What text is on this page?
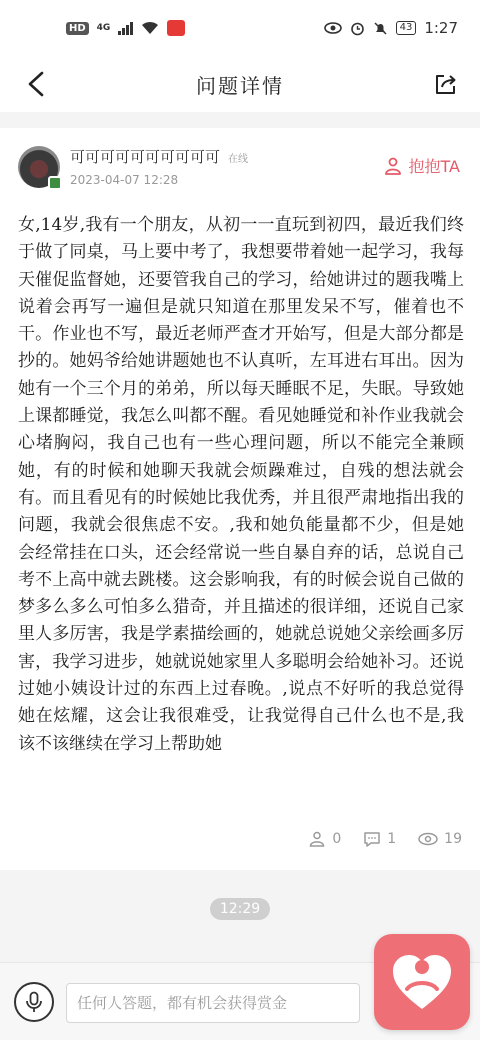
HD	4G	43 1:27
问题详情
可可可可可可可可可可 在线
2023-04-07 12:28
抱抱TA
女,14岁,我有一个朋友，从初一一直玩到初四，最近我们终于做了同桌，马上要中考了，我想要带着她一起学习，我每天催促监督她，还要管我自己的学习，给她讲过的题我嘴上说着会再写一遍但是就只知道在那里发呆不写，催着也不干。作业也不写，最近老师严查才开始写，但是大部分都是抄的。她妈爷给她讲题她也不认真听，左耳进右耳出。因为她有一个三个月的弟弟，所以每天睡眠不足，失眠。导致她上课都睡觉，我怎么叫都不醒。看见她睡觉和补作业我就会心堵胸闷，我自己也有一些心理问题，所以不能完全兼顾她，有的时候和她聊天我就会烦躁难过，自残的想法就会有。而且看见有的时候她比我优秀，并且很严肃地指出我的问题，我就会很焦虑不安。,我和她负能量都不少，但是她会经常挂在口头，还会经常说一些自暴自弃的话，总说自己考不上高中就去跳楼。这会影响我，有的时候会说自己做的梦多么多么可怕多么猎奇，并且描述的很详细，还说自己家里人多厉害，我是学素描绘画的，她就总说她父亲绘画多厉害，我学习进步，她就说她家里人多聪明会给她补习。还说过她小姨设计过的东西上过春晚。,说点不好听的我总觉得她在炫耀，这会让我很难受，让我觉得自己什么也不是,我该不该继续在学习上帮助她
0	1	19
12:29
任何人答题，都有机会获得赏金
